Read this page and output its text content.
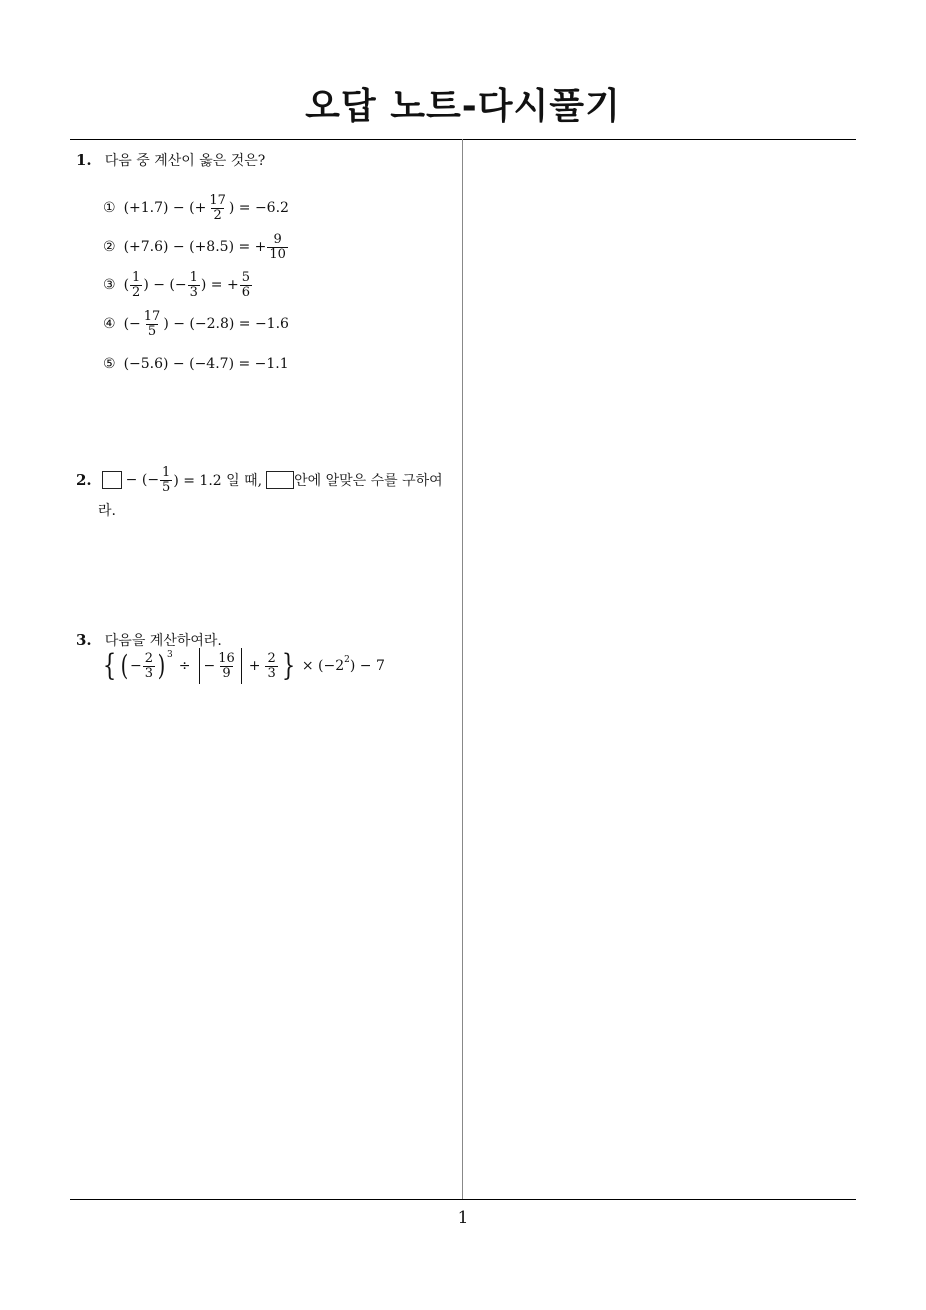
오답 노트-다시풀기
1
1. 다음 중 계산이 옳은 것은?
① (+1.7) − (+ $\frac{17}{2}$ ) = −6.2
② (+7.6) − (+8.5) = + $\frac{9}{10}$
③ ( $\frac{1}{2}$ ) − (− $\frac{1}{3}$ ) = + $\frac{5}{6}$
④ (− $\frac{17}{5}$ ) − (−2.8) = −1.6
⑤ (−5.6) − (−4.7) = −1.1
2. − (− $\frac{1}{5}$ ) = 1.2 일 때, 안에 알맞은 수를 구하여
라.
3. 다음을 계산하여라.
{ ( − $\frac{2}{3} )^3$
÷ − $\frac{16}{9} + \frac{2}{3}$ } × ($-2^2$ ) − 7
